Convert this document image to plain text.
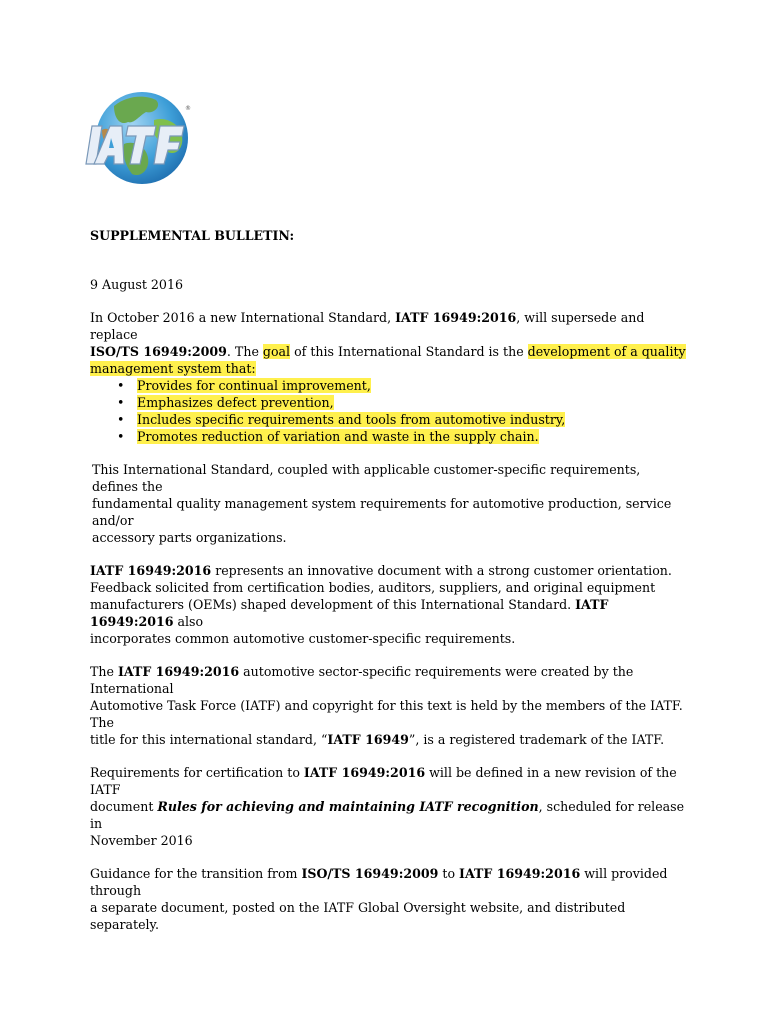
®
SUPPLEMENTAL BULLETIN:
9 August 2016
In October 2016 a new International Standard, IATF 16949:2016, will supersede and replace
ISO/TS 16949:2009. The goal of this International Standard is the development of a quality
management system that:
• Provides for continual improvement,
• Emphasizes defect prevention,
• Includes specific requirements and tools from automotive industry,
• Promotes reduction of variation and waste in the supply chain.
This International Standard, coupled with applicable customer-specific requirements, defines the
fundamental quality management system requirements for automotive production, service and/or
accessory parts organizations.
IATF 16949:2016 represents an innovative document with a strong customer orientation.
Feedback solicited from certification bodies, auditors, suppliers, and original equipment
manufacturers (OEMs) shaped development of this International Standard. IATF 16949:2016 also
incorporates common automotive customer-specific requirements.
The IATF 16949:2016 automotive sector-specific requirements were created by the International
Automotive Task Force (IATF) and copyright for this text is held by the members of the IATF. The
title for this international standard, “IATF 16949”, is a registered trademark of the IATF.
Requirements for certification to IATF 16949:2016 will be defined in a new revision of the IATF
document Rules for achieving and maintaining IATF recognition, scheduled for release in
November 2016
Guidance for the transition from ISO/TS 16949:2009 to IATF 16949:2016 will provided through
a separate document, posted on the IATF Global Oversight website, and distributed separately.
